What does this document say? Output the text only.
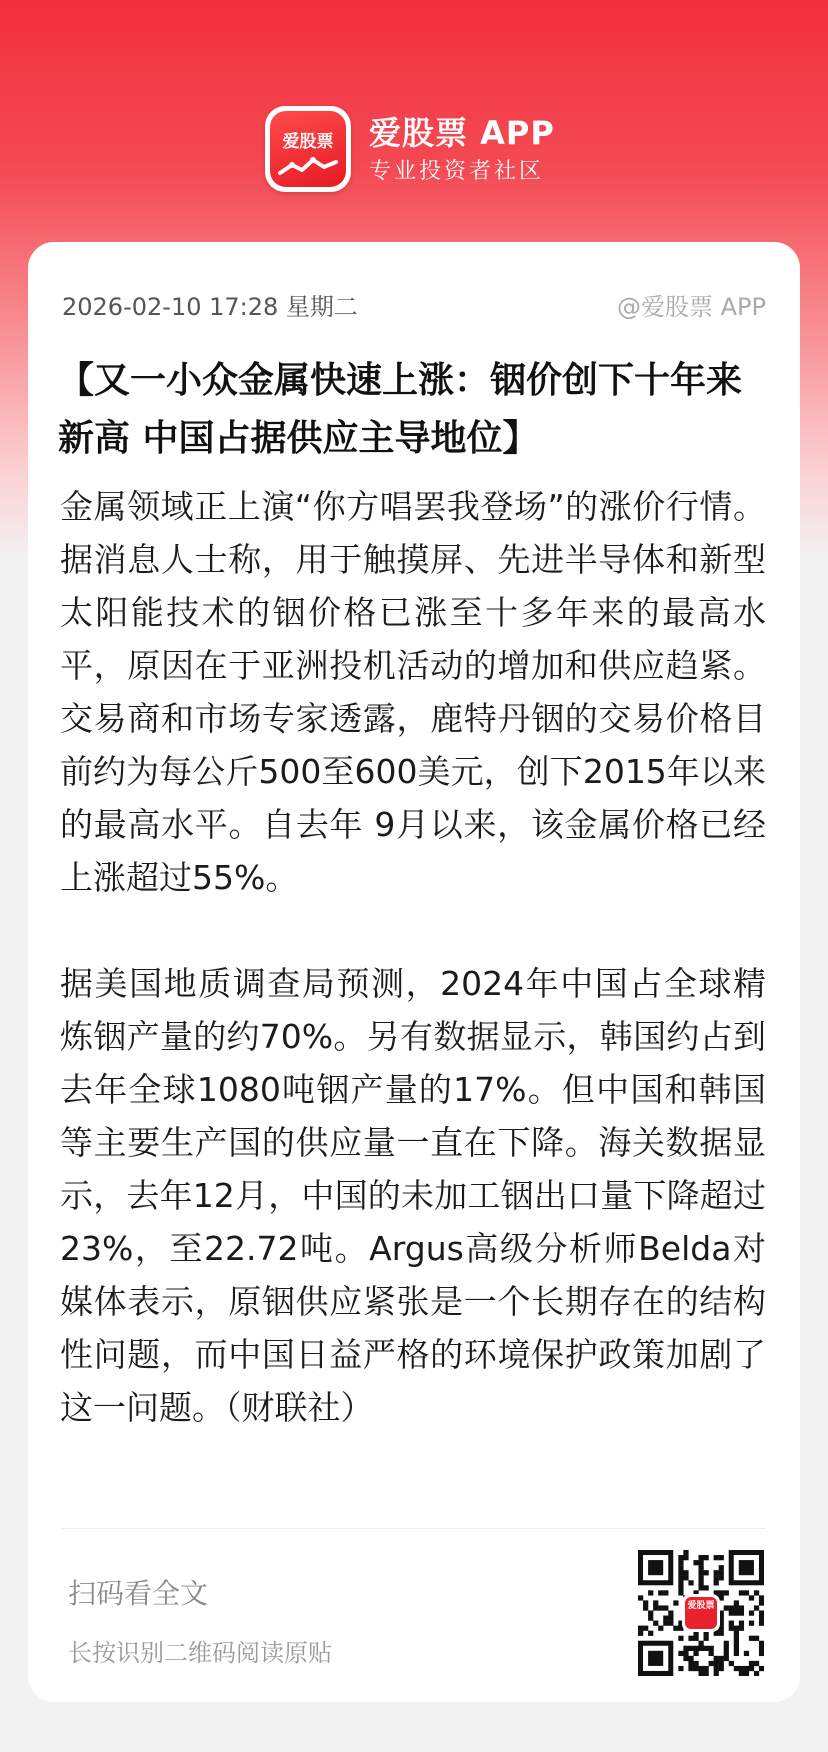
爱股票	爱股票 APP
专业投资者社区
2026-02-10 17:28 星期二	@爱股票 APP
【又一小众金属快速上涨：铟价创下十年来新高 中国占据供应主导地位】

金属领域正上演“你方唱罢我登场”的涨价行情。据消息人士称，用于触摸屏、先进半导体和新型太阳能技术的铟价格已涨至十多年来的最高水平，原因在于亚洲投机活动的增加和供应趋紧。交易商和市场专家透露，鹿特丹铟的交易价格目前约为每公斤500至600美元，创下2015年以来的最高水平。自去年 9月以来，该金属价格已经上涨超过55%。

据美国地质调查局预测，2024年中国占全球精炼铟产量的约70%。另有数据显示，韩国约占到去年全球1080吨铟产量的17%。但中国和韩国等主要生产国的供应量一直在下降。海关数据显示，去年12月，中国的未加工铟出口量下降超过23%，至22.72吨。Argus高级分析师Belda对媒体表示，原铟供应紧张是一个长期存在的结构性问题，而中国日益严格的环境保护政策加剧了这一问题。（财联社）

扫码看全文
长按识别二维码阅读原贴
爱股票
